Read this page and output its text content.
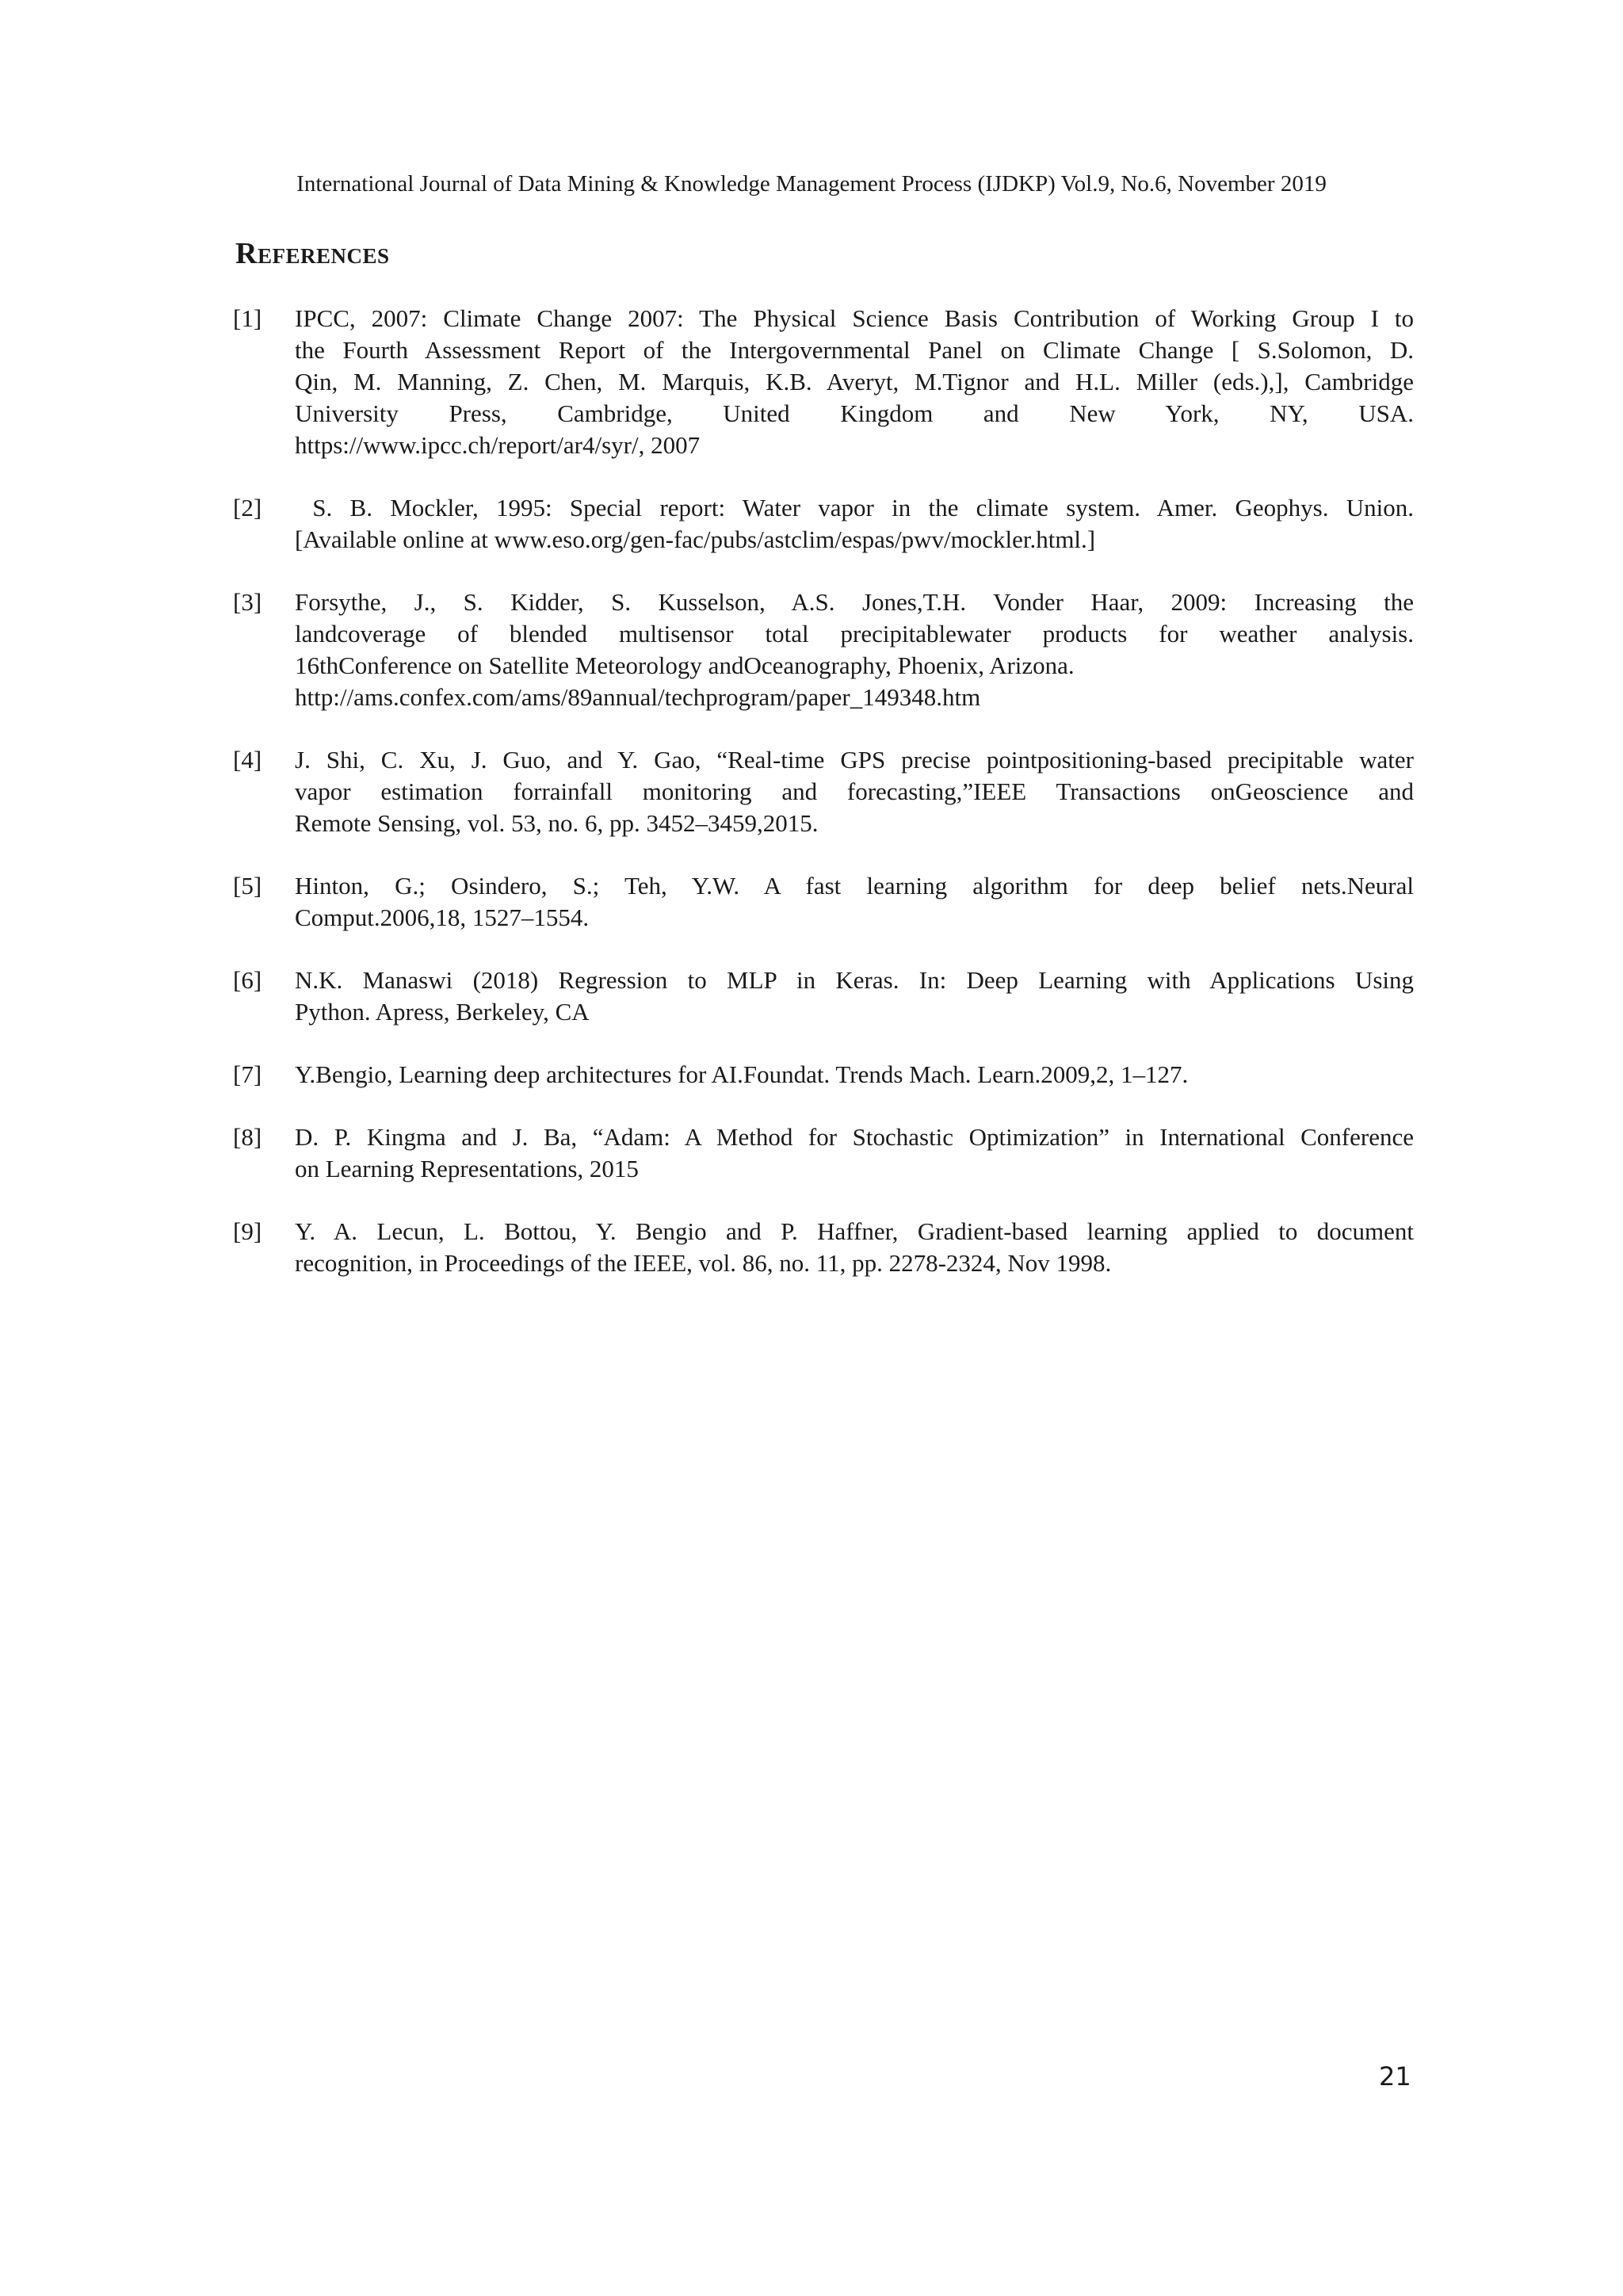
International Journal of Data Mining & Knowledge Management Process (IJDKP) Vol.9, No.6, November 2019
References
[1] IPCC, 2007: Climate Change 2007: The Physical Science Basis Contribution of Working Group I to
the Fourth Assessment Report of the Intergovernmental Panel on Climate Change [ S.Solomon, D.
Qin, M. Manning, Z. Chen, M. Marquis, K.B. Averyt, M.Tignor and H.L. Miller (eds.),], Cambridge
University Press, Cambridge, United Kingdom and New York, NY, USA.
https://www.ipcc.ch/report/ar4/syr/, 2007
[2] S. B. Mockler, 1995: Special report: Water vapor in the climate system. Amer. Geophys. Union.
[Available online at www.eso.org/gen-fac/pubs/astclim/espas/pwv/mockler.html.]
[3] Forsythe, J., S. Kidder, S. Kusselson, A.S. Jones,T.H. Vonder Haar, 2009: Increasing the
landcoverage of blended multisensor total precipitablewater products for weather analysis.
16thConference on Satellite Meteorology andOceanography, Phoenix, Arizona.
http://ams.confex.com/ams/89annual/techprogram/paper_149348.htm
[4] J. Shi, C. Xu, J. Guo, and Y. Gao, “Real-time GPS precise pointpositioning-based precipitable water
vapor estimation forrainfall monitoring and forecasting,”IEEE Transactions onGeoscience and
Remote Sensing, vol. 53, no. 6, pp. 3452–3459,2015.
[5] Hinton, G.; Osindero, S.; Teh, Y.W. A fast learning algorithm for deep belief nets.Neural
Comput.2006,18, 1527–1554.
[6] N.K. Manaswi (2018) Regression to MLP in Keras. In: Deep Learning with Applications Using
Python. Apress, Berkeley, CA
[7] Y.Bengio, Learning deep architectures for AI.Foundat. Trends Mach. Learn.2009,2, 1–127.
[8] D. P. Kingma and J. Ba, “Adam: A Method for Stochastic Optimization” in International Conference
on Learning Representations, 2015
[9] Y. A. Lecun, L. Bottou, Y. Bengio and P. Haffner, Gradient-based learning applied to document
recognition, in Proceedings of the IEEE, vol. 86, no. 11, pp. 2278-2324, Nov 1998.
21
